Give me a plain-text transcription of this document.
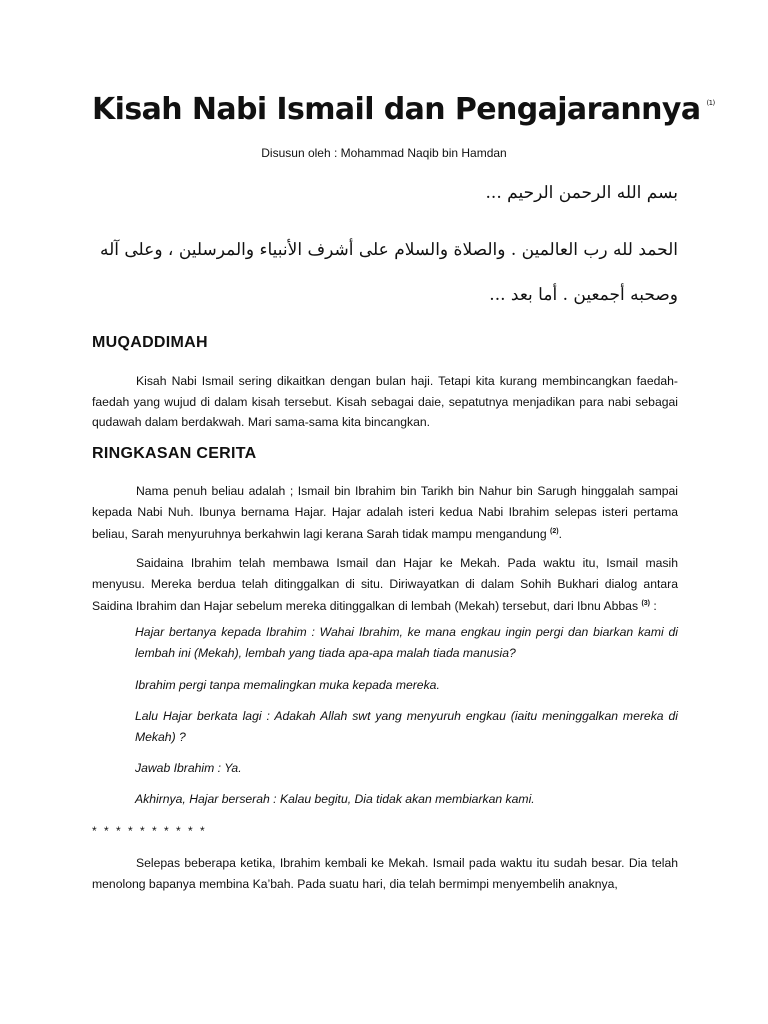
Kisah Nabi Ismail dan Pengajarannya $^{(1)}$
Disusun oleh : Mohammad Naqib bin Hamdan
بسم الله الرحمن الرحيم ...
الحمد لله رب العالمين . والصلاة والسلام على أشرف الأنبياء والمرسلين ، وعلى آله
وصحبه أجمعين . أما بعد ...
MUQADDIMAH

Kisah Nabi Ismail sering dikaitkan dengan bulan haji. Tetapi kita kurang membincangkan faedah-faedah yang wujud di dalam kisah tersebut. Kisah sebagai daie, sepatutnya menjadikan para nabi sebagai qudawah dalam berdakwah. Mari sama-sama kita bincangkan.

RINGKASAN CERITA

Nama penuh beliau adalah ; Ismail bin Ibrahim bin Tarikh bin Nahur bin Sarugh hinggalah sampai kepada Nabi Nuh. Ibunya bernama Hajar. Hajar adalah isteri kedua Nabi Ibrahim selepas isteri pertama beliau, Sarah menyuruhnya berkahwin lagi kerana Sarah tidak mampu mengandung $^{(2)}$.

Saidaina Ibrahim telah membawa Ismail dan Hajar ke Mekah. Pada waktu itu, Ismail masih menyusu. Mereka berdua telah ditinggalkan di situ. Diriwayatkan di dalam Sohih Bukhari dialog antara Saidina Ibrahim dan Hajar sebelum mereka ditinggalkan di lembah (Mekah) tersebut, dari Ibnu Abbas $^{(3)}$ :

Hajar bertanya kepada Ibrahim : Wahai Ibrahim, ke mana engkau ingin pergi dan biarkan kami di lembah ini (Mekah), lembah yang tiada apa-apa malah tiada manusia?

Ibrahim pergi tanpa memalingkan muka kepada mereka.

Lalu Hajar berkata lagi : Adakah Allah swt yang menyuruh engkau (iaitu meninggalkan mereka di Mekah) ?

Jawab Ibrahim : Ya.

Akhirnya, Hajar berserah : Kalau begitu, Dia tidak akan membiarkan kami.

* * * * * * * * * *

Selepas beberapa ketika, Ibrahim kembali ke Mekah. Ismail pada waktu itu sudah besar. Dia telah menolong bapanya membina Ka’bah. Pada suatu hari, dia telah bermimpi menyembelih anaknya,
